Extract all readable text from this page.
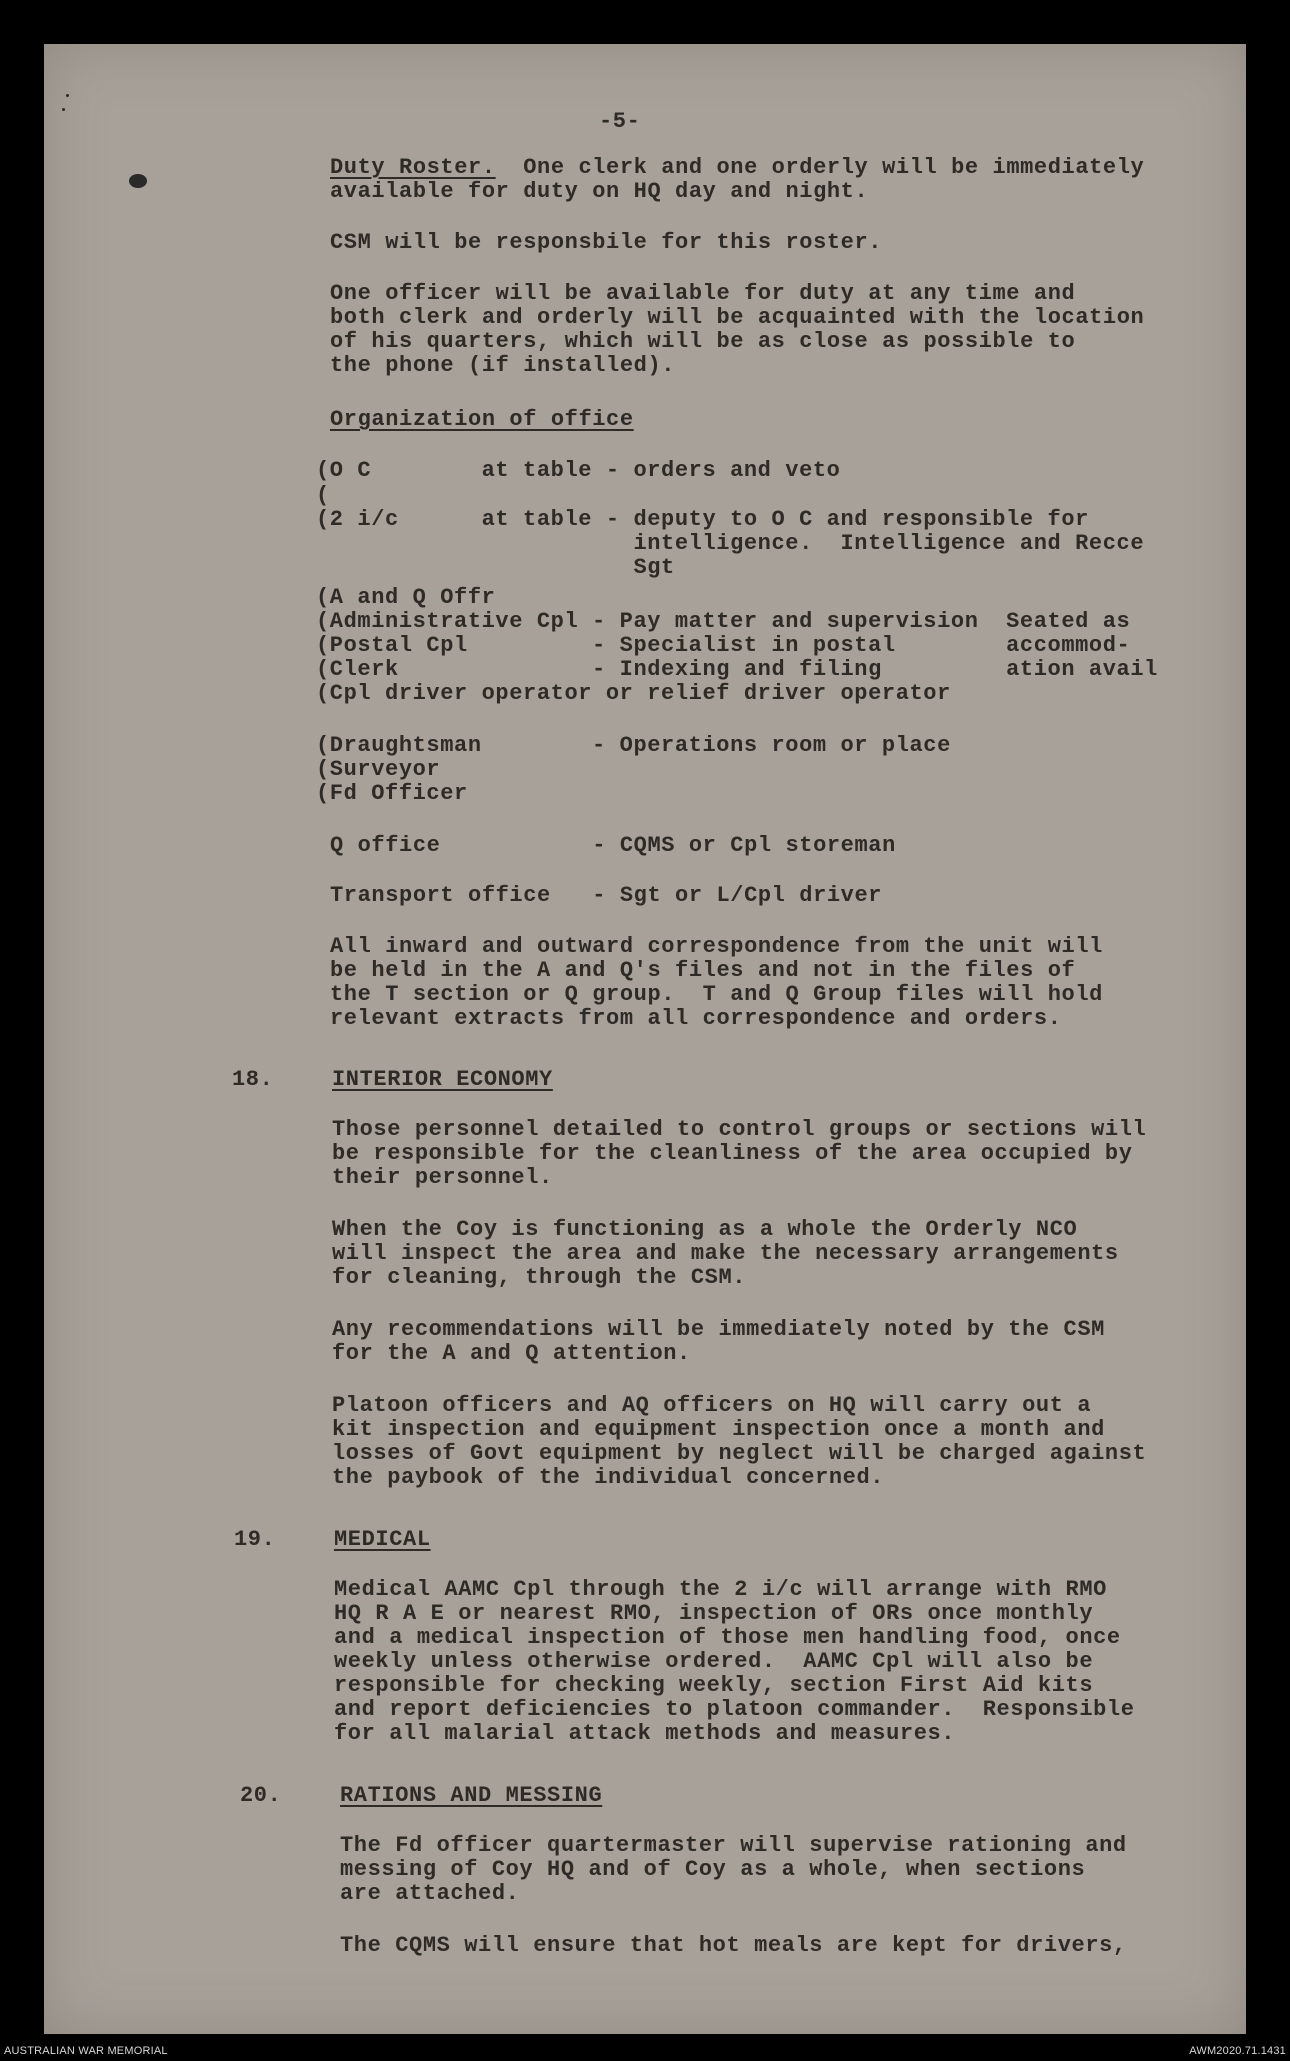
-5-

Duty Roster.  One clerk and one orderly will be immediately

available for duty on HQ day and night.

CSM will be responsbile for this roster.

One officer will be available for duty at any time and

both clerk and orderly will be acquainted with the location

of his quarters, which will be as close as possible to

the phone (if installed).

Organization of office

(O C        at table - orders and veto

(

(2 i/c      at table - deputy to O C and responsible for

intelligence.  Intelligence and Recce

Sgt

(A and Q Offr

(Administrative Cpl - Pay matter and supervision  Seated as

(Postal Cpl         - Specialist in postal        accommod-

(Clerk              - Indexing and filing         ation avail

(Cpl driver operator or relief driver operator

(Draughtsman        - Operations room or place

(Surveyor

(Fd Officer

Q office           - CQMS or Cpl storeman

Transport office   - Sgt or L/Cpl driver

All inward and outward correspondence from the unit will

be held in the A and Q's files and not in the files of

the T section or Q group.  T and Q Group files will hold

relevant extracts from all correspondence and orders.

18.	INTERIOR ECONOMY

Those personnel detailed to control groups or sections will

be responsible for the cleanliness of the area occupied by

their personnel.

When the Coy is functioning as a whole the Orderly NCO

will inspect the area and make the necessary arrangements

for cleaning, through the CSM.

Any recommendations will be immediately noted by the CSM

for the A and Q attention.

Platoon officers and AQ officers on HQ will carry out a

kit inspection and equipment inspection once a month and

losses of Govt equipment by neglect will be charged against

the paybook of the individual concerned.

19.	MEDICAL

Medical AAMC Cpl through the 2 i/c will arrange with RMO

HQ R A E or nearest RMO, inspection of ORs once monthly

and a medical inspection of those men handling food, once

weekly unless otherwise ordered.  AAMC Cpl will also be

responsible for checking weekly, section First Aid kits

and report deficiencies to platoon commander.  Responsible

for all malarial attack methods and measures.

20.	RATIONS AND MESSING

The Fd officer quartermaster will supervise rationing and

messing of Coy HQ and of Coy as a whole, when sections

are attached.

The CQMS will ensure that hot meals are kept for drivers,

AUSTRALIAN WAR MEMORIAL	AWM2020.71.1431
